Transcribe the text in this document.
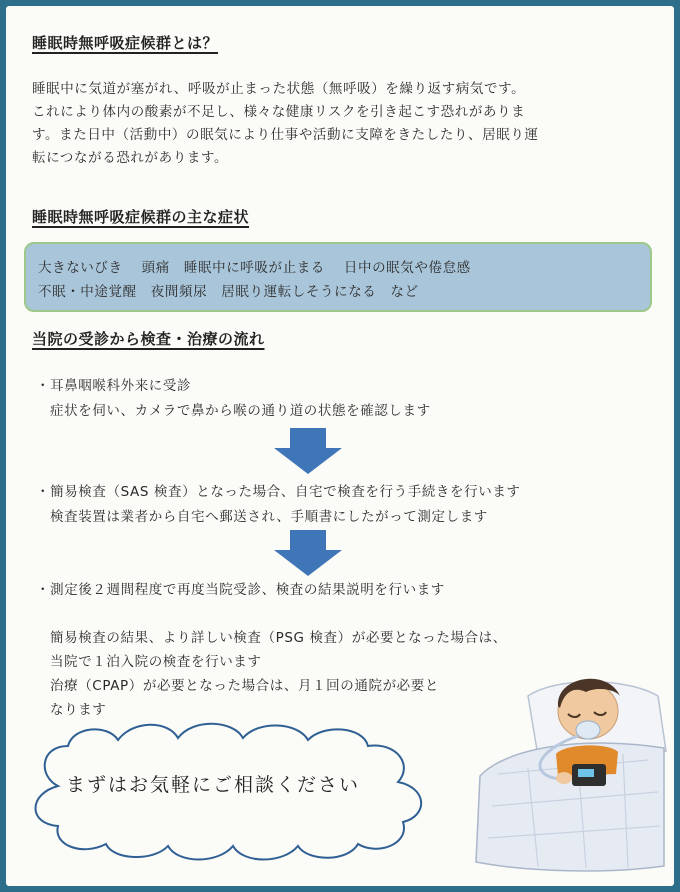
睡眠時無呼吸症候群とは？

睡眠中に気道が塞がれ、呼吸が止まった状態（無呼吸）を繰り返す病気です。
これにより体内の酸素が不足し、様々な健康リスクを引き起こす恐れがありま
す。また日中（活動中）の眠気により仕事や活動に支障をきたしたり、居眠り運
転につながる恐れがあります。

睡眠時無呼吸症候群の主な症状
大きないびき　 頭痛　睡眠中に呼吸が止まる　 日中の眠気や倦怠感
不眠・中途覚醒　夜間頻尿　居眠り運転しそうになる　など
当院の受診から検査・治療の流れ
・耳鼻咽喉科外来に受診
症状を伺い、カメラで鼻から喉の通り道の状態を確認します
・簡易検査（SAS 検査）となった場合、自宅で検査を行う手続きを行います
検査装置は業者から自宅へ郵送され、手順書にしたがって測定します
・測定後２週間程度で再度当院受診、検査の結果説明を行います
簡易検査の結果、より詳しい検査（PSG 検査）が必要となった場合は、
当院で１泊入院の検査を行います
治療（CPAP）が必要となった場合は、月１回の通院が必要と
なります
まずはお気軽にご相談ください
